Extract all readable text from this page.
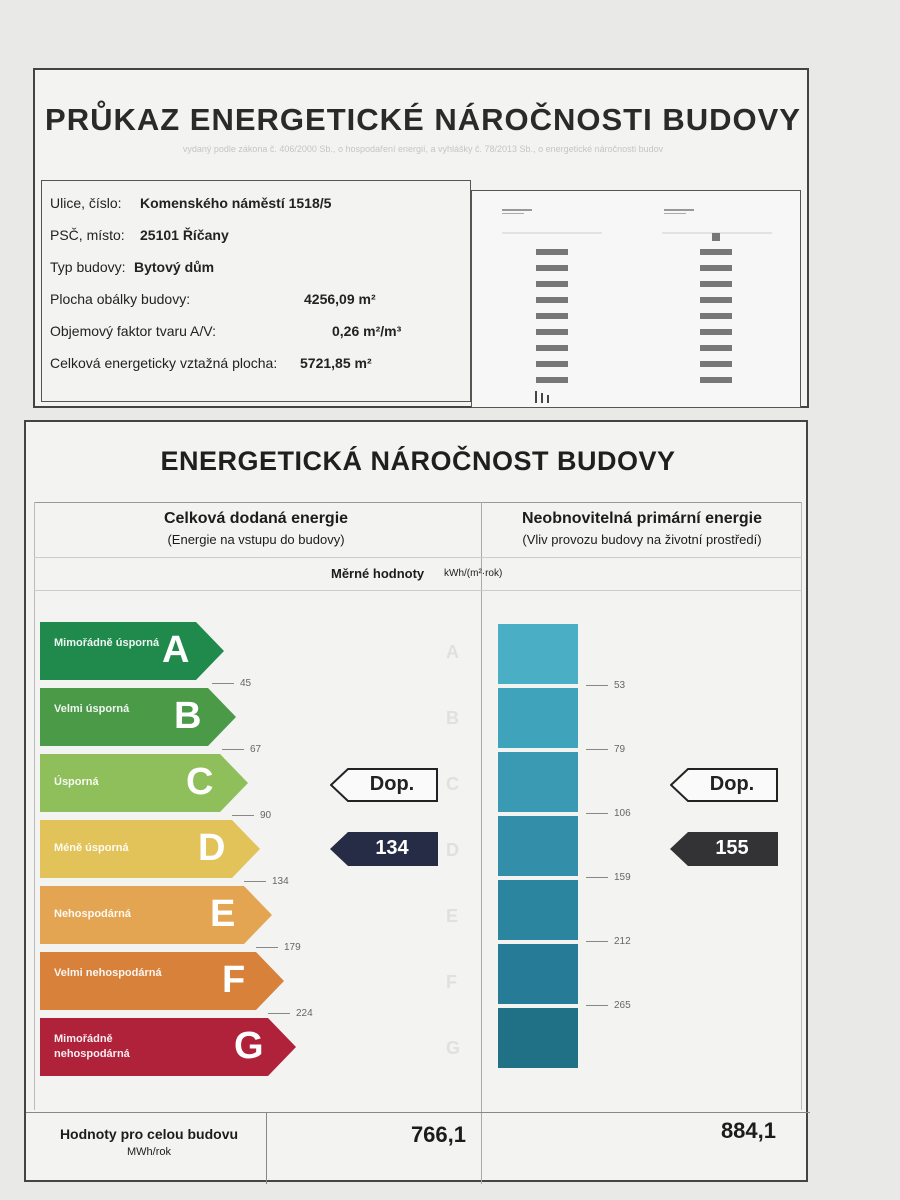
PRŮKAZ ENERGETICKÉ NÁROČNOSTI BUDOVY
vydaný podle zákona č. 406/2000 Sb., o hospodaření energií, a vyhlášky č. 78/2013 Sb., o energetické náročnosti budov
Ulice, číslo: Komenského náměstí 1518/5
PSČ, místo: 25101 Říčany
Typ budovy: Bytový dům
Plocha obálky budovy:	4256,09 m²
Objemový faktor tvaru A/V:	0,26 m²/m³
Celková energeticky vztažná plocha: 5721,85 m²
ENERGETICKÁ NÁROČNOST BUDOVY
Celková dodaná energie
(Energie na vstupu do budovy)
Neobnovitelná primární energie
(Vliv provozu budovy na životní prostředí)
Měrné hodnoty kWh/(m²·rok)
Mimořádně úsporná A
Velmi úsporná	B
Úsporná	C
Méně úsporná	D
Nehospodárná	E
Velmi nehospodárná F
Mimořádně nehospodárná	G
45
67
90
134
179
224
A
B
C
D
E
F
G
Dop.
134
53
79
106
159
212
265
Dop.
155
Hodnoty pro celou budovu
MWh/rok
766,1	884,1
